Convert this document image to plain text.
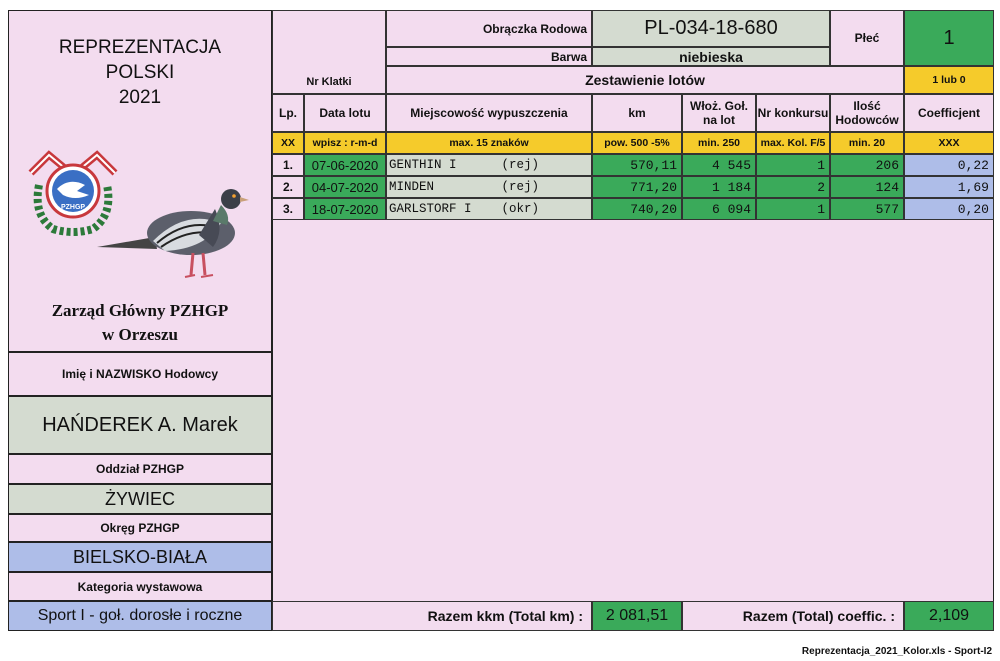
REPREZENTACJA
POLSKI
2021
PZHGP
Zarząd Główny PZHGP
w Orzeszu
Imię i NAZWISKO Hodowcy
HAŃDEREK A. Marek
Oddział PZHGP
ŻYWIEC
Okręg PZHGP
BIELSKO-BIAŁA
Kategoria wystawowa
Sport I - goł. dorosłe i roczne
Nr Klatki
Obrączka Rodowa	PL-034-18-680	Płeć	1
Barwa	niebieska
Zestawienie lotów	1 lub 0
Lp.	Data lotu	Miejscowość wypuszczenia	km	Włoż. Goł. na lot	Nr konkursu	Ilość Hodowców	Coefficjent
XX	wpisz : r-m-d	max. 15 znaków	pow. 500 -5%	min. 250	max. Kol. F/5	min. 20	XXX
1.	07-06-2020 GENTHIN I      (rej)	570,11	4 545	1	206	0,22
2.	04-07-2020 MINDEN         (rej)	771,20	1 184	2	124	1,69
3.	18-07-2020 GARLSTORF I    (okr)	740,20	6 094	1	577	0,20
Razem kkm (Total km) :	2 081,51	Razem (Total) coeffic. :	2,109
Reprezentacja_2021_Kolor.xls - Sport-I2
